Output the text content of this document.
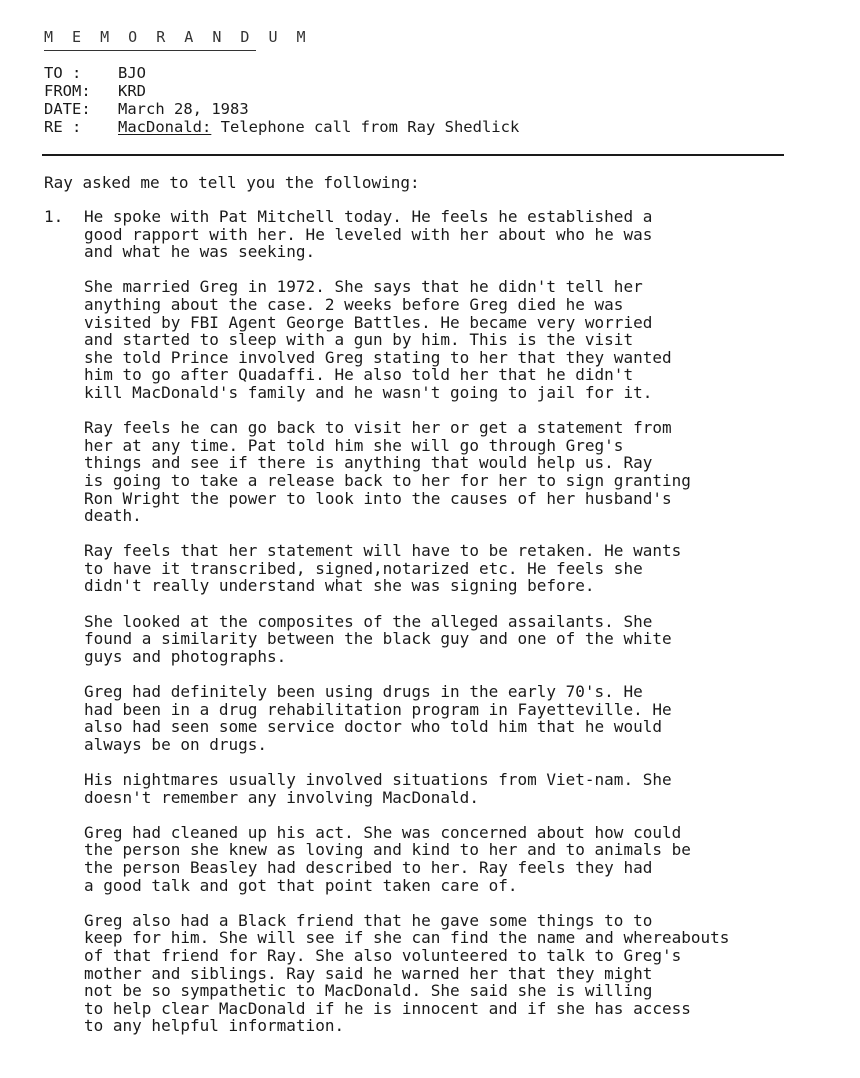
M E M O R A N D U M
TO :	BJO
FROM:	KRD
DATE:	March 28, 1983
RE :	MacDonald: Telephone call from Ray Shedlick
Ray asked me to tell you the following:
1. He spoke with Pat Mitchell today. He feels he established a
good rapport with her. He leveled with her about who he was
and what he was seeking.
She married Greg in 1972. She says that he didn't tell her
anything about the case. 2 weeks before Greg died he was
visited by FBI Agent George Battles. He became very worried
and started to sleep with a gun by him. This is the visit
she told Prince involved Greg stating to her that they wanted
him to go after Quadaffi. He also told her that he didn't
kill MacDonald's family and he wasn't going to jail for it.
Ray feels he can go back to visit her or get a statement from
her at any time. Pat told him she will go through Greg's
things and see if there is anything that would help us. Ray
is going to take a release back to her for her to sign granting
Ron Wright the power to look into the causes of her husband's
death.
Ray feels that her statement will have to be retaken. He wants
to have it transcribed, signed,notarized etc. He feels she
didn't really understand what she was signing before.
She looked at the composites of the alleged assailants. She
found a similarity between the black guy and one of the white
guys and photographs.
Greg had definitely been using drugs in the early 70's. He
had been in a drug rehabilitation program in Fayetteville. He
also had seen some service doctor who told him that he would
always be on drugs.
His nightmares usually involved situations from Viet-nam. She
doesn't remember any involving MacDonald.
Greg had cleaned up his act. She was concerned about how could
the person she knew as loving and kind to her and to animals be
the person Beasley had described to her. Ray feels they had
a good talk and got that point taken care of.
Greg also had a Black friend that he gave some things to to
keep for him. She will see if she can find the name and whereabouts
of that friend for Ray. She also volunteered to talk to Greg's
mother and siblings. Ray said he warned her that they might
not be so sympathetic to MacDonald. She said she is willing
to help clear MacDonald if he is innocent and if she has access
to any helpful information.
